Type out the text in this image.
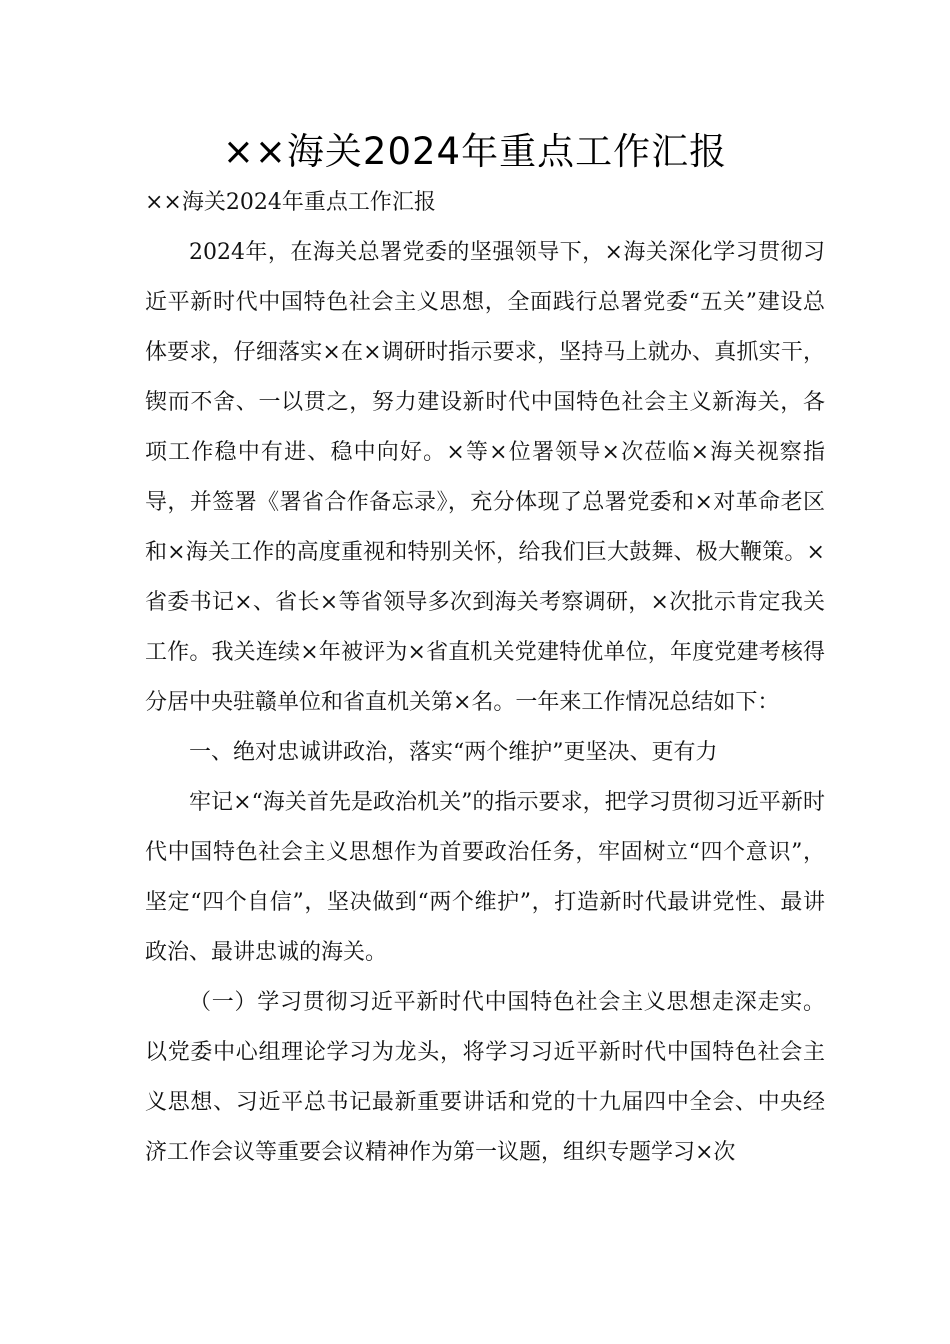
××海关2024年重点工作汇报

××海关2024年重点工作汇报

2024年，在海关总署党委的坚强领导下，×海关深化学习贯彻习近平新时代中国特色社会主义思想，全面践行总署党委“五关”建设总体要求，仔细落实×在×调研时指示要求，坚持马上就办、真抓实干，锲而不舍、一以贯之，努力建设新时代中国特色社会主义新海关，各项工作稳中有进、稳中向好。×等×位署领导×次莅临×海关视察指导，并签署《署省合作备忘录》，充分体现了总署党委和×对革命老区和×海关工作的高度重视和特别关怀，给我们巨大鼓舞、极大鞭策。×省委书记×、省长×等省领导多次到海关考察调研，×次批示肯定我关工作。我关连续×年被评为×省直机关党建特优单位，年度党建考核得分居中央驻赣单位和省直机关第×名。一年来工作情况总结如下：

一、绝对忠诚讲政治，落实“两个维护”更坚决、更有力

牢记×“海关首先是政治机关”的指示要求，把学习贯彻习近平新时代中国特色社会主义思想作为首要政治任务，牢固树立“四个意识”，坚定“四个自信”，坚决做到“两个维护”，打造新时代最讲党性、最讲政治、最讲忠诚的海关。

（一）学习贯彻习近平新时代中国特色社会主义思想走深走实。以党委中心组理论学习为龙头，将学习习近平新时代中国特色社会主义思想、习近平总书记最新重要讲话和党的十九届四中全会、中央经济工作会议等重要会议精神作为第一议题，组织专题学习×次
